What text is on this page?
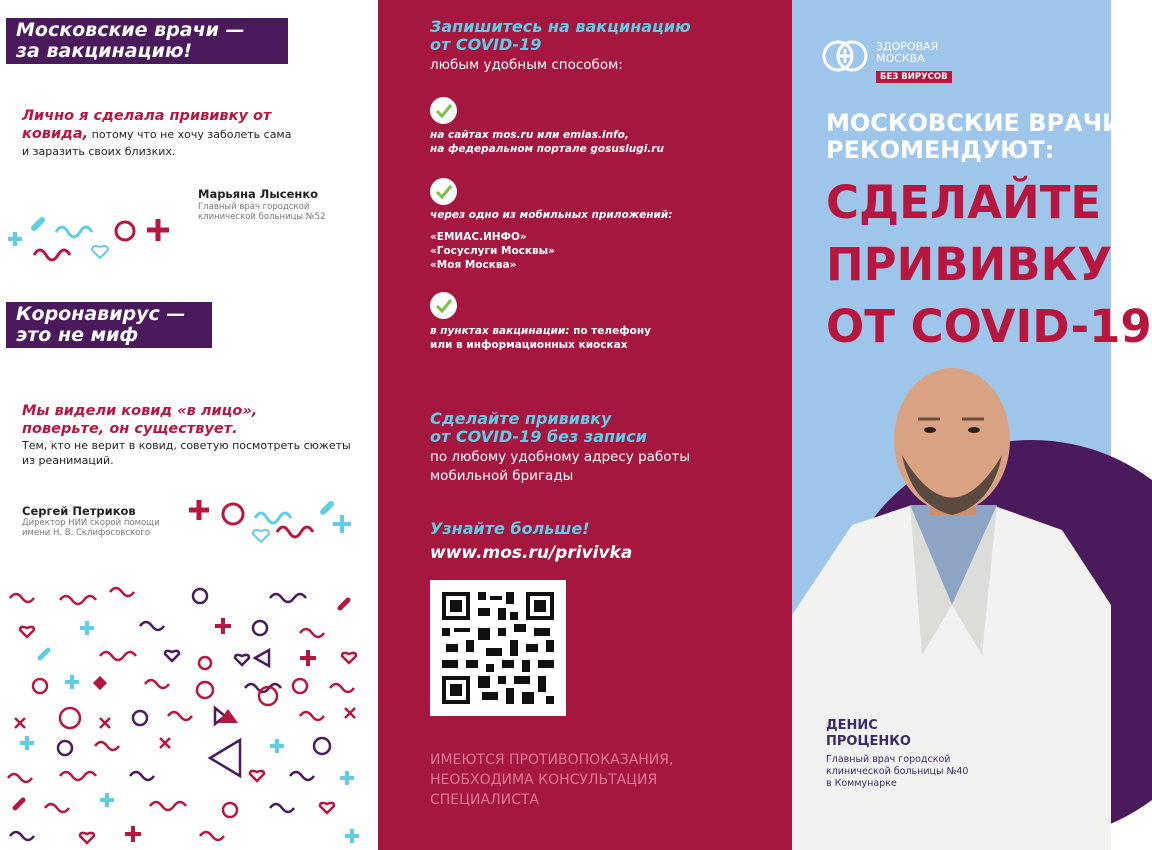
Московские врачи —
за вакцинацию!
Лично я сделала прививку от
ковида, потому что не хочу заболеть сама
и заразить своих близких.
Марьяна Лысенко
Главный врач городской
клинической больницы №52
Коронавирус —
это не миф
Мы видели ковид «в лицо»,
поверьте, он существует.
Тем, кто не верит в ковид, советую посмотреть сюжеты
из реанимаций.
Сергей Петриков
Директор НИИ скорой помощи
имени Н. В. Склифосовского
Запишитесь на вакцинацию
от COVID-19
любым удобным способом:
на сайтах mos.ru или emias.info,
на федеральном портале gosuslugi.ru
через одно из мобильных приложений:
«ЕМИАС.ИНФО»
«Госуслуги Москвы»
«Моя Москва»
в пунктах вакцинации: по телефону
или в информационных киосках
Сделайте прививку
от COVID-19 без записи
по любому удобному адресу работы
мобильной бригады
Узнайте больше!
www.mos.ru/privivka
ИМЕЮТСЯ ПРОТИВОПОКАЗАНИЯ,
НЕОБХОДИМА КОНСУЛЬТАЦИЯ
СПЕЦИАЛИСТА
ЗДОРОВАЯ
МОСКВА
БЕЗ ВИРУСОВ
МОСКОВСКИЕ ВРАЧИ
РЕКОМЕНДУЮТ:
СДЕЛАЙТЕ
ПРИВИВКУ
ОТ COVID-19
ДЕНИС
ПРОЦЕНКО
Главный врач городской
клинической больницы №40
в Коммунарке
